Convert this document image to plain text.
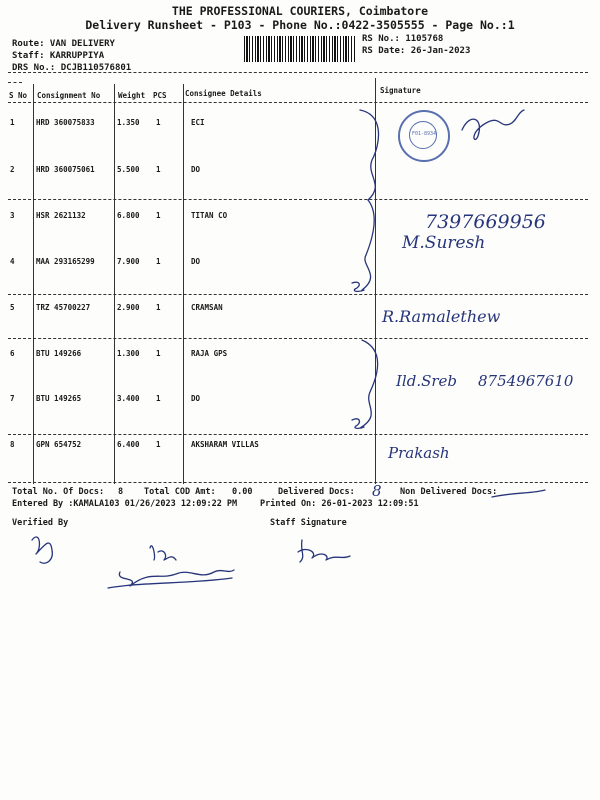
THE PROFESSIONAL COURIERS, Coimbatore
Delivery Runsheet - P103 - Phone No.:0422-3505555 - Page No.:1
Route: VAN DELIVERY
Staff: KARRUPPIYA
DRS No.: DCJB110576801
RS No.: 1105768
RS Date: 26-Jan-2023
S No Consignment No Weight PCS Consignee Details	Signature
1	HRD 360075833	1.350 1	ECI
2	HRD 360075061	5.500 1	DO
3	HSR 2621132	6.800 1	TITAN CO
4	MAA 293165299	7.900 1	DO
5	TRZ 45700227	2.900 1	CRAMSAN
6	BTU 149266	1.300 1	RAJA GPS
7	BTU 149265	3.400 1	DO
8	GPN 654752	6.400 1	AKSHARAM VILLAS
F01-8934
7397669956
M.Suresh
R.Ramalethew
Ild.Sreb 8754967610
Prakash
8
Total No. Of Docs: 8 Total COD Amt: 0.00	Delivered Docs:	Non Delivered Docs:
Entered By :KAMALA103 01/26/2023 12:09:22 PM	Printed On: 26-01-2023 12:09:51
Verified By	Staff Signature
